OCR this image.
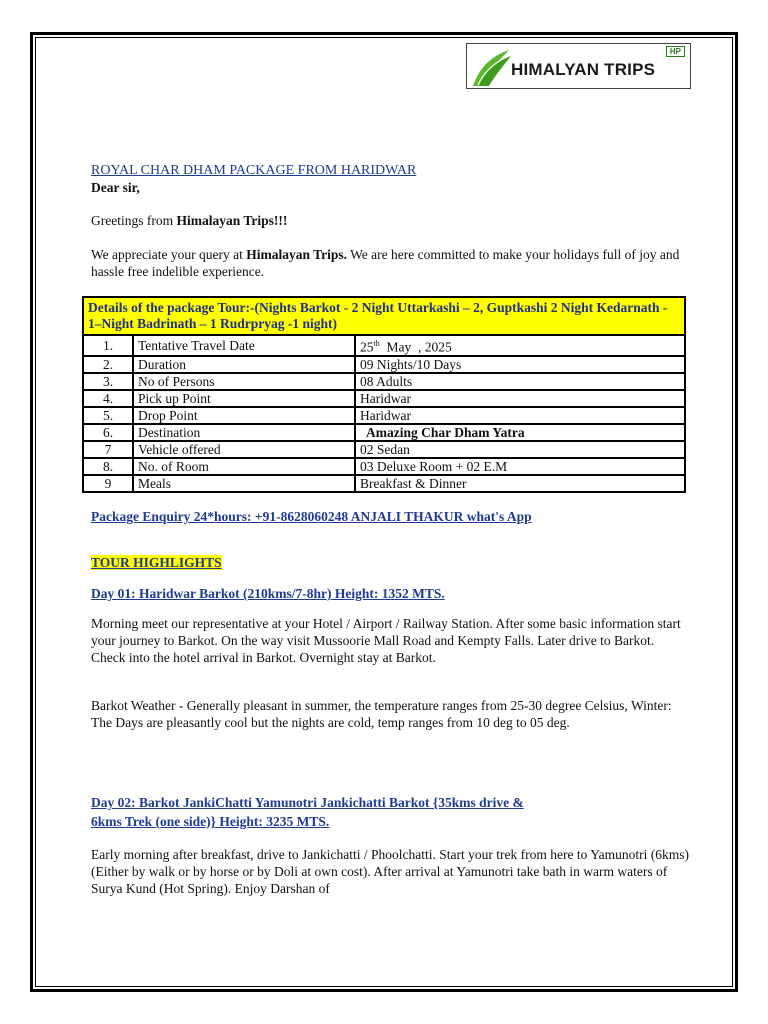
HP
HIMALYAN TRIPS
ROYAL CHAR DHAM PACKAGE FROM HARIDWAR
Dear sir,
Greetings from Himalayan Trips!!!
We appreciate your query at Himalayan Trips. We are here committed to make your holidays full of joy and hassle free indelible experience.
Details of the package Tour:-(Nights Barkot - 2 Night Uttarkashi – 2, Guptkashi 2 Night Kedarnath - 1–Night Badrinath – 1 Rudrpryag -1 night)		
1.	Tentative Travel Date	25th  May  , 2025
2.	Duration	09 Nights/10 Days
3.	No of Persons	08 Adults
4.	Pick up Point	Haridwar
5.	Drop Point	Haridwar
6.	Destination	Amazing Char Dham Yatra
7	Vehicle offered	02 Sedan
8.	No. of Room	03 Deluxe Room + 02 E.M
9	Meals	Breakfast & Dinner
Package Enquiry 24*hours: +91-8628060248 ANJALI THAKUR what's App
TOUR HIGHLIGHTS
Day 01: Haridwar Barkot (210kms/7-8hr) Height: 1352 MTS.
Morning meet our representative at your Hotel / Airport / Railway Station. After some basic information start your journey to Barkot. On the way visit Mussoorie Mall Road and Kempty Falls. Later drive to Barkot. Check into the hotel arrival in Barkot. Overnight stay at Barkot.
Barkot Weather - Generally pleasant in summer, the temperature ranges from 25-30 degree Celsius, Winter: The Days are pleasantly cool but the nights are cold, temp ranges from 10 deg to 05 deg.
Day 02: Barkot JankiChatti Yamunotri Jankichatti Barkot {35kms drive &
6kms Trek (one side)} Height: 3235 MTS.
Early morning after breakfast, drive to Jankichatti / Phoolchatti. Start your trek from here to Yamunotri (6kms) (Either by walk or by horse or by Doli at own cost). After arrival at Yamunotri take bath in warm waters of Surya Kund (Hot Spring). Enjoy Darshan of
